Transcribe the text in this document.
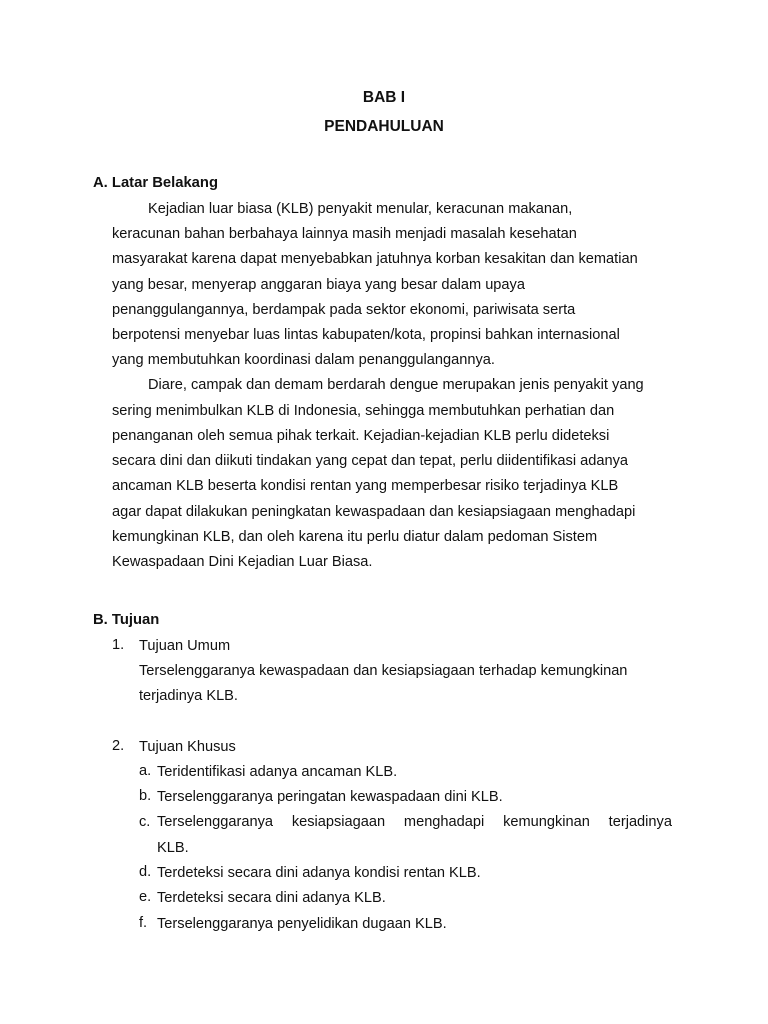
BAB I
PENDAHULUAN
A. Latar Belakang
Kejadian luar biasa (KLB) penyakit menular, keracunan makanan,
keracunan bahan berbahaya lainnya masih menjadi masalah kesehatan
masyarakat karena dapat menyebabkan jatuhnya korban kesakitan dan kematian
yang besar, menyerap anggaran biaya yang besar dalam upaya
penanggulangannya, berdampak pada sektor ekonomi, pariwisata serta
berpotensi menyebar luas lintas kabupaten/kota, propinsi bahkan internasional
yang membutuhkan koordinasi dalam penanggulangannya.
Diare, campak dan demam berdarah dengue merupakan jenis penyakit yang
sering menimbulkan KLB di Indonesia, sehingga membutuhkan perhatian dan
penanganan oleh semua pihak terkait. Kejadian-kejadian KLB perlu dideteksi
secara dini dan diikuti tindakan yang cepat dan tepat, perlu diidentifikasi adanya
ancaman KLB beserta kondisi rentan yang memperbesar risiko terjadinya KLB
agar dapat dilakukan peningkatan kewaspadaan dan kesiapsiagaan menghadapi
kemungkinan KLB, dan oleh karena itu perlu diatur dalam pedoman Sistem
Kewaspadaan Dini Kejadian Luar Biasa.
B. Tujuan
1. Tujuan Umum
Terselenggaranya kewaspadaan dan kesiapsiagaan terhadap kemungkinan
terjadinya KLB.
2. Tujuan Khusus
a. Teridentifikasi adanya ancaman KLB.
b. Terselenggaranya peringatan kewaspadaan dini KLB.
c. Terselenggaranya kesiapsiagaan menghadapi kemungkinan terjadinya
KLB.
d. Terdeteksi secara dini adanya kondisi rentan KLB.
e. Terdeteksi secara dini adanya KLB.
f. Terselenggaranya penyelidikan dugaan KLB.
